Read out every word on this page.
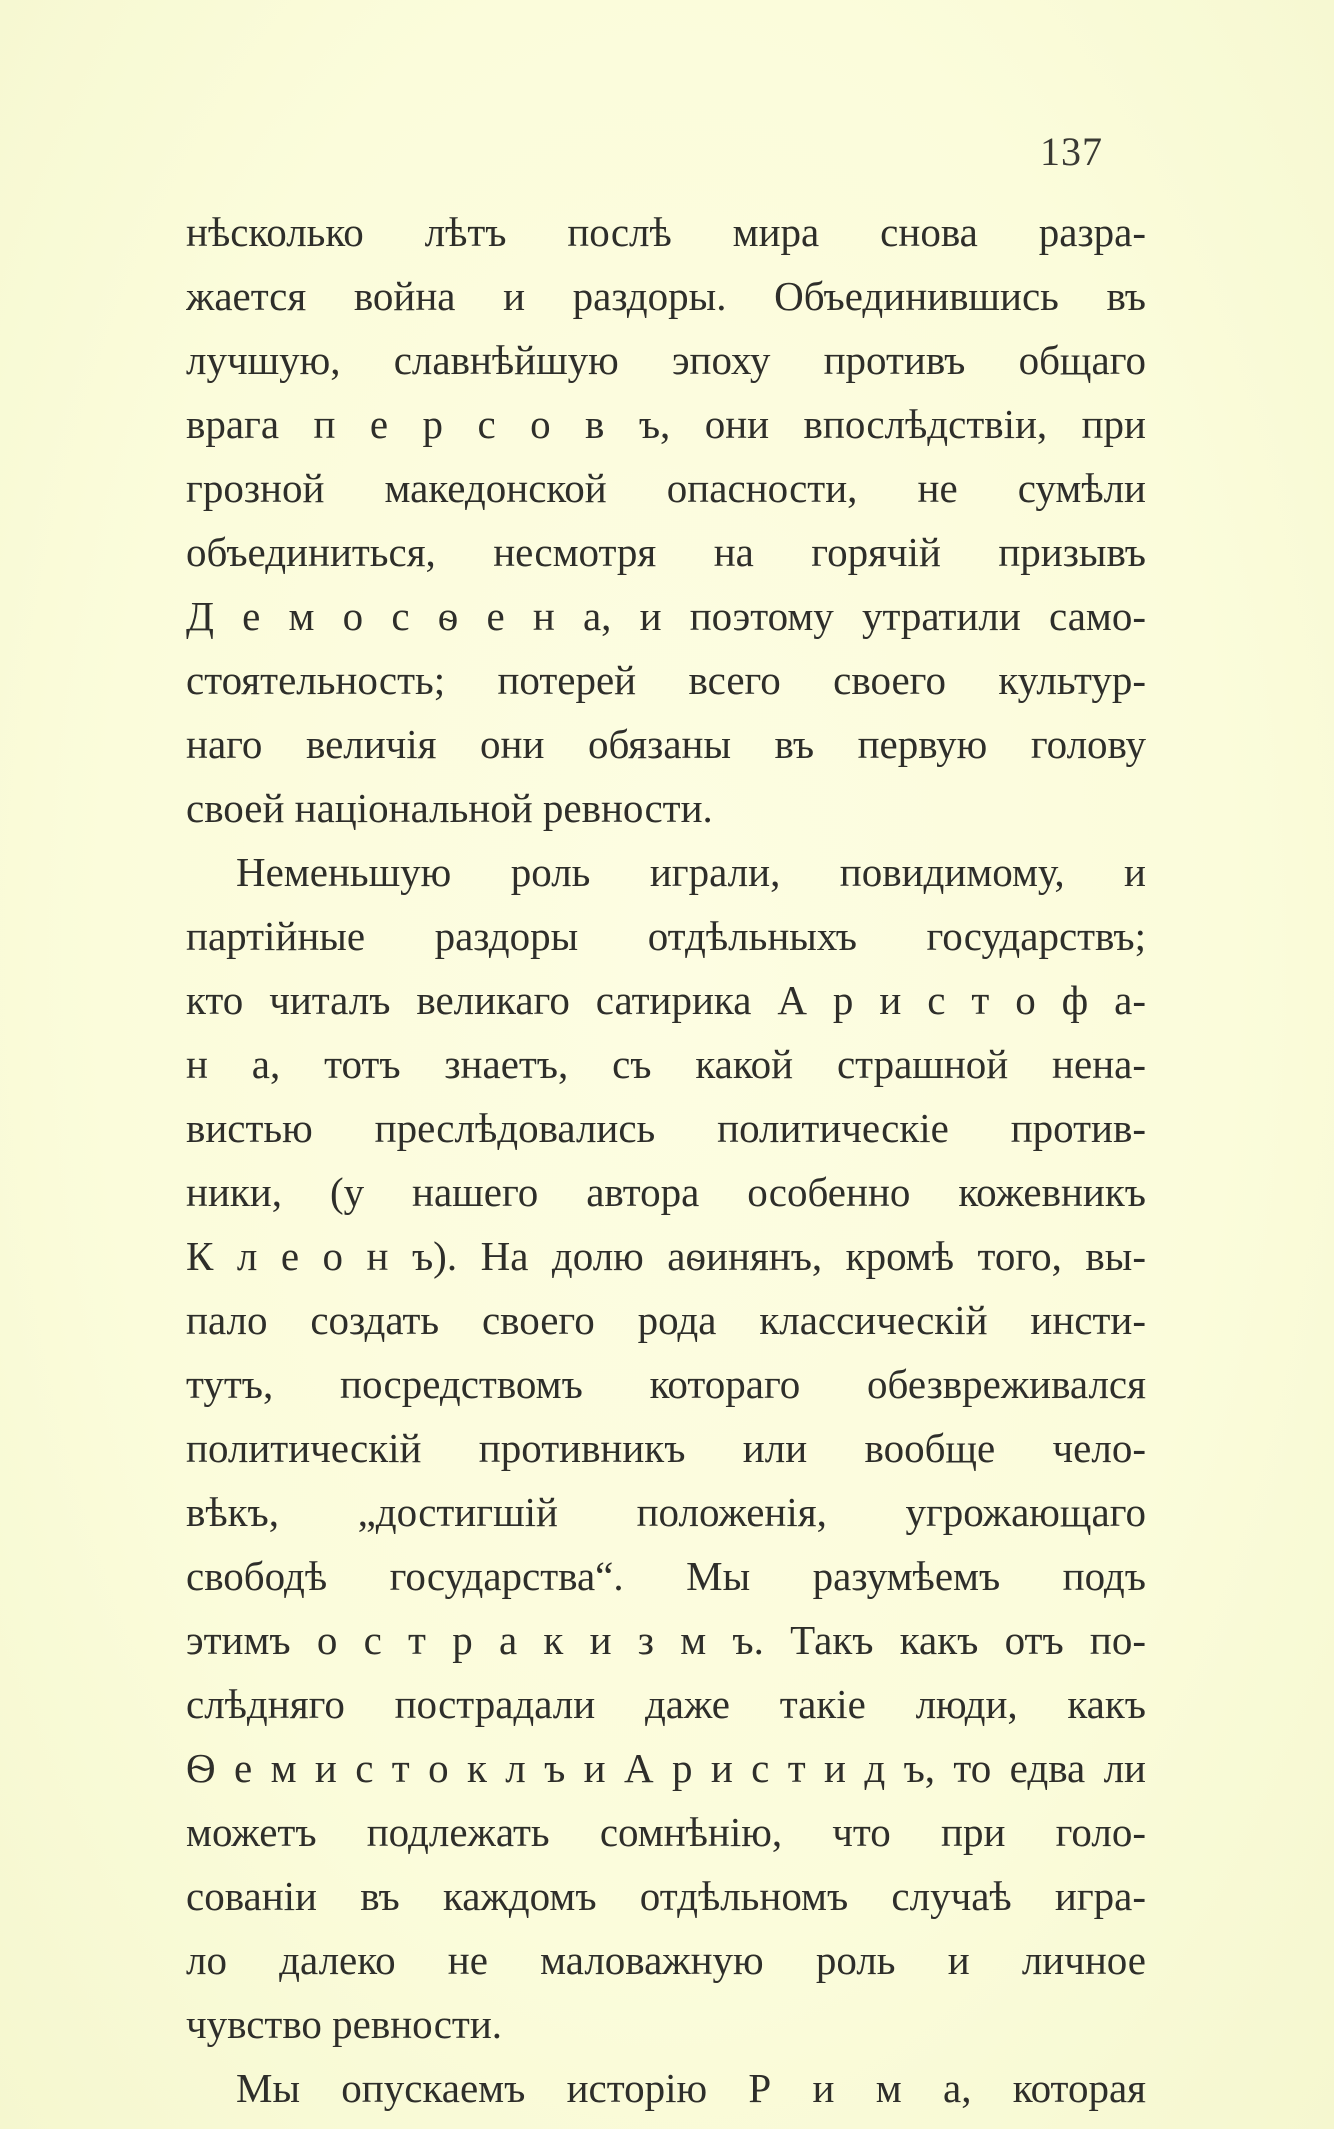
137
нѣсколько лѣтъ послѣ мира снова разра-
жается война и раздоры. Объединившись въ
лучшую, славнѣйшую эпоху противъ общаго
врага п е р с о в ъ, они впослѣдствіи, при
грозной македонской опасности, не сумѣли
объединиться, несмотря на горячій призывъ
Д е м о с ѳ е н а, и поэтому утратили само-
стоятельность; потерей всего своего культур-
наго величія они обязаны въ первую голову
своей національной ревности.
Неменьшую роль играли, повидимому, и
партійные раздоры отдѣльныхъ государствъ;
кто читалъ великаго сатирика А р и с т о ф а-
н а, тотъ знаетъ, съ какой страшной нена-
вистью преслѣдовались политическіе против-
ники, (у нашего автора особенно кожевникъ
К л е о н ъ). На долю аѳинянъ, кромѣ того, вы-
пало создать своего рода классическій инсти-
тутъ, посредствомъ котораго обезвреживался
политическій противникъ или вообще чело-
вѣкъ, „достигшій положенія, угрожающаго
свободѣ государства“. Мы разумѣемъ подъ
этимъ о с т р а к и з м ъ. Такъ какъ отъ по-
слѣдняго пострадали даже такіе люди, какъ
Ѳ е м и с т о к л ъ и А р и с т и д ъ, то едва ли
можетъ подлежать сомнѣнію, что при голо-
сованіи въ каждомъ отдѣльномъ случаѣ игра-
ло далеко не маловажную роль и личное
чувство ревности.
Мы опускаемъ исторію Р и м а, которая
